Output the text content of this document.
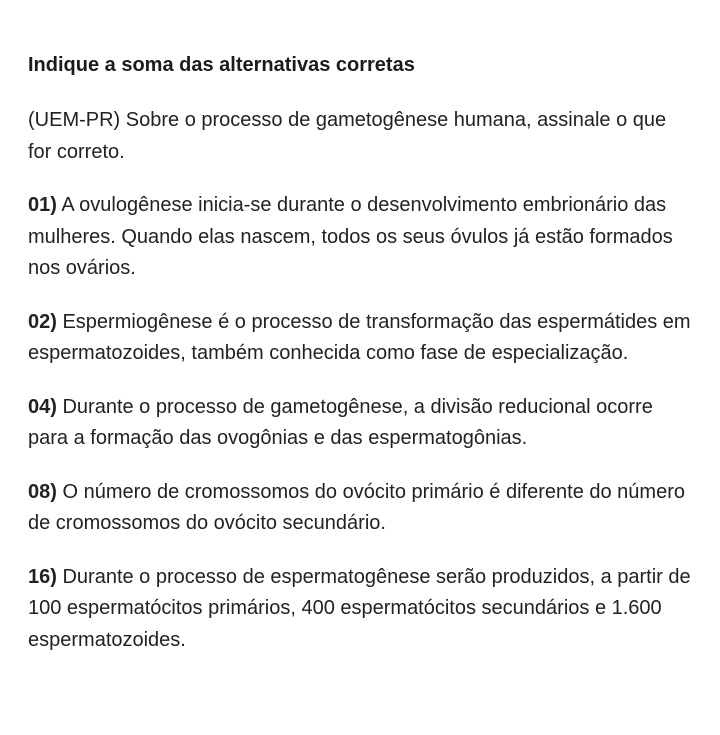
Indique a soma das alternativas corretas

(UEM-PR) Sobre o processo de gametogênese humana, assinale o que for correto.

01) A ovulogênese inicia-se durante o desenvolvimento embrionário das mulheres. Quando elas nascem, todos os seus óvulos já estão formados nos ovários.

02) Espermiogênese é o processo de transformação das espermátides em espermatozoides, também conhecida como fase de especialização.

04) Durante o processo de gametogênese, a divisão reducional ocorre para a formação das ovogônias e das espermatogônias.

08) O número de cromossomos do ovócito primário é diferente do número de cromossomos do ovócito secundário.

16) Durante o processo de espermatogênese serão produzidos, a partir de 100 espermatócitos primários, 400 espermatócitos secundários e 1.600 espermatozoides.
